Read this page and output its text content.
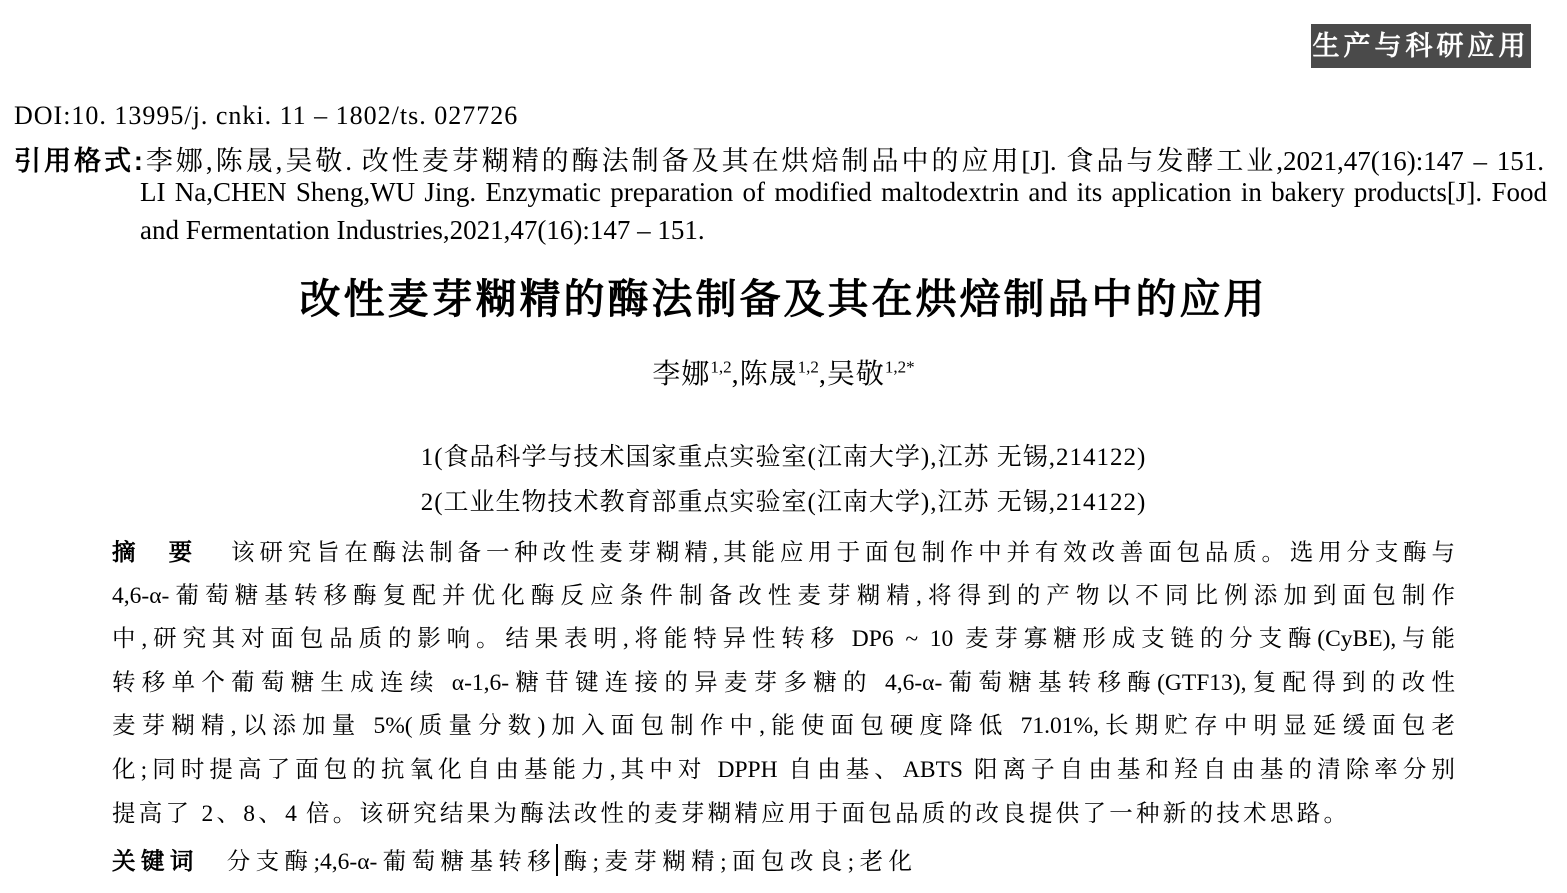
生产与科研应用
DOI:10. 13995/j. cnki. 11 – 1802/ts. 027726
引用格式:李娜,陈晟,吴敬. 改性麦芽糊精的酶法制备及其在烘焙制品中的应用[J]. 食品与发酵工业,2021,47(16):147 – 151.
LI Na,CHEN Sheng,WU Jing. Enzymatic preparation of modified maltodextrin and its application in bakery products[J]. Food
and Fermentation Industries,2021,47(16):147 – 151.
改性麦芽糊精的酶法制备及其在烘焙制品中的应用
李娜$^{1,2}$,陈晟$^{1,2}$,吴敬$^{1,2*}$
1(食品科学与技术国家重点实验室(江南大学),江苏 无锡,214122)
2(工业生物技术教育部重点实验室(江南大学),江苏 无锡,214122)
摘　要 该研究旨在酶法制备一种改性麦芽糊精,其能应用于面包制作中并有效改善面包品质。选用分支酶与
4,6-α-葡萄糖基转移酶复配并优化酶反应条件制备改性麦芽糊精,将得到的产物以不同比例添加到面包制作
中,研究其对面包品质的影响。结果表明,将能特异性转移 DP6 ~ 10 麦芽寡糖形成支链的分支酶(CyBE),与能
转移单个葡萄糖生成连续 α-1,6-糖苷键连接的异麦芽多糖的 4,6-α-葡萄糖基转移酶(GTF13),复配得到的改性
麦芽糊精,以添加量 5%(质量分数)加入面包制作中,能使面包硬度降低 71.01%,长期贮存中明显延缓面包老
化;同时提高了面包的抗氧化自由基能力,其中对 DPPH 自由基、ABTS 阳离子自由基和羟自由基的清除率分别
提高了 2、8、4 倍。该研究结果为酶法改性的麦芽糊精应用于面包品质的改良提供了一种新的技术思路。
关键词 分支酶;4,6-α-葡萄糖基转移酶;麦芽糊精;面包改良;老化
